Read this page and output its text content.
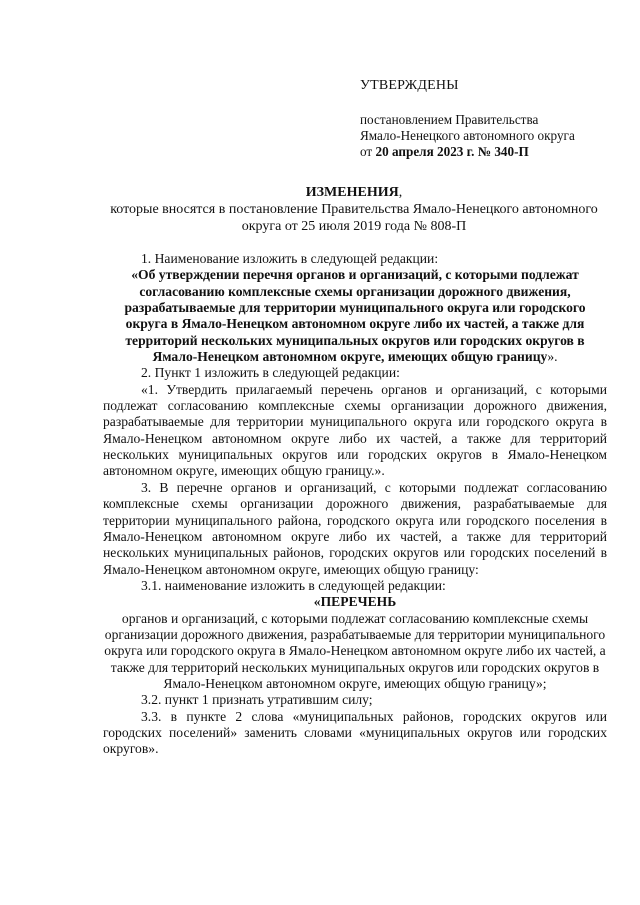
УТВЕРЖДЕНЫ
постановлением Правительства
Ямало-Ненецкого автономного округа
от 20 апреля 2023 г. № 340-П
ИЗМЕНЕНИЯ,
которые вносятся в постановление Правительства Ямало-Ненецкого автономного округа от 25 июля 2019 года № 808-П

1. Наименование изложить в следующей редакции:

«Об утверждении перечня органов и организаций, с которыми подлежат согласованию комплексные схемы организации дорожного движения, разрабатываемые для территории муниципального округа или городского округа в Ямало-Ненецком автономном округе либо их частей, а также для территорий нескольких муниципальных округов или городских округов в Ямало-Ненецком автономном округе, имеющих общую границу».

2. Пункт 1 изложить в следующей редакции:

«1. Утвердить прилагаемый перечень органов и организаций, с которыми подлежат согласованию комплексные схемы организации дорожного движения, разрабатываемые для территории муниципального округа или городского округа в Ямало-Ненецком автономном округе либо их частей, а также для территорий нескольких муниципальных округов или городских округов в Ямало-Ненецком автономном округе, имеющих общую границу.».

3. В перечне органов и организаций, с которыми подлежат согласованию комплексные схемы организации дорожного движения, разрабатываемые для территории муниципального района, городского округа или городского поселения в Ямало-Ненецком автономном округе либо их частей, а также для территорий нескольких муниципальных районов, городских округов или городских поселений в Ямало-Ненецком автономном округе, имеющих общую границу:

3.1. наименование изложить в следующей редакции:

«ПЕРЕЧЕНЬ

органов и организаций, с которыми подлежат согласованию комплексные схемы организации дорожного движения, разрабатываемые для территории муниципального округа или городского округа в Ямало-Ненецком автономном округе либо их частей, а также для территорий нескольких муниципальных округов или городских округов в Ямало-Ненецком автономном округе, имеющих общую границу»;

3.2. пункт 1 признать утратившим силу;

3.3. в пункте 2 слова «муниципальных районов, городских округов или городских поселений» заменить словами «муниципальных округов или городских округов».
